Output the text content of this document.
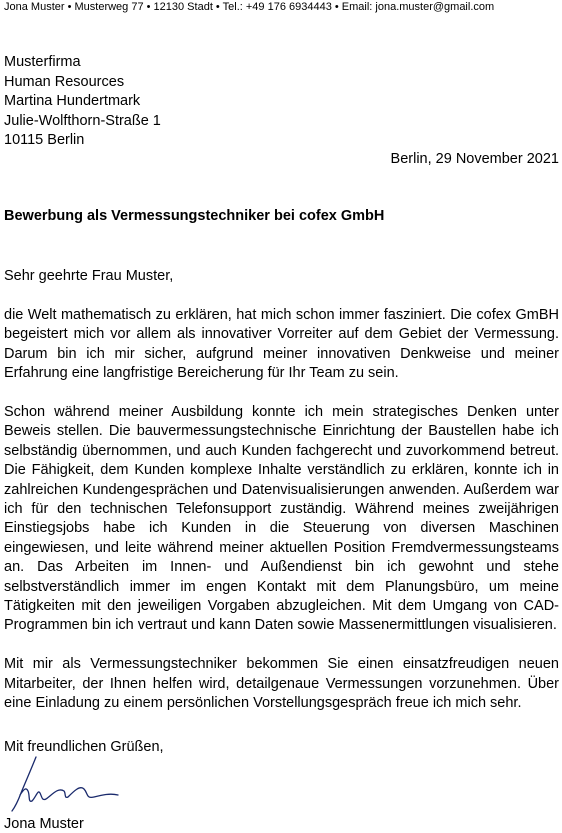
Jona Muster • Musterweg 77 • 12130 Stadt • Tel.: +49 176 6934443 • Email: jona.muster@gmail.com
Musterfirma
Human Resources
Martina Hundertmark
Julie-Wolfthorn-Straße 1
10115 Berlin
Berlin, 29 November 2021
Bewerbung als Vermessungstechniker bei cofex GmbH
Sehr geehrte Frau Muster,

die Welt mathematisch zu erklären, hat mich schon immer fasziniert. Die cofex GmBH begeistert mich vor allem als innovativer Vorreiter auf dem Gebiet der Vermessung. Darum bin ich mir sicher, aufgrund meiner innovativen Denkweise und meiner Erfahrung eine langfristige Bereicherung für Ihr Team zu sein.

Schon während meiner Ausbildung konnte ich mein strategisches Denken unter Beweis stellen. Die bauvermessungstechnische Einrichtung der Baustellen habe ich selbständig übernommen, und auch Kunden fachgerecht und zuvorkommend betreut. Die Fähigkeit, dem Kunden komplexe Inhalte verständlich zu erklären, konnte ich in zahlreichen Kundengesprächen und Datenvisualisierungen anwenden. Außerdem war ich für den technischen Telefonsupport zuständig. Während meines zweijährigen Einstiegsjobs habe ich Kunden in die Steuerung von diversen Maschinen eingewiesen, und leite während meiner aktuellen Position Fremdvermessungsteams an. Das Arbeiten im Innen- und Außendienst bin ich gewohnt und stehe selbstverständlich immer im engen Kontakt mit dem Planungsbüro, um meine Tätigkeiten mit den jeweiligen Vorgaben abzugleichen. Mit dem Umgang von CAD-Programmen bin ich vertraut und kann Daten sowie Massenermittlungen visualisieren.

Mit mir als Vermessungstechniker bekommen Sie einen einsatzfreudigen neuen Mitarbeiter, der Ihnen helfen wird, detailgenaue Vermessungen vorzunehmen. Über eine Einladung zu einem persönlichen Vorstellungsgespräch freue ich mich sehr.

Mit freundlichen Grüßen,
Jona Muster
